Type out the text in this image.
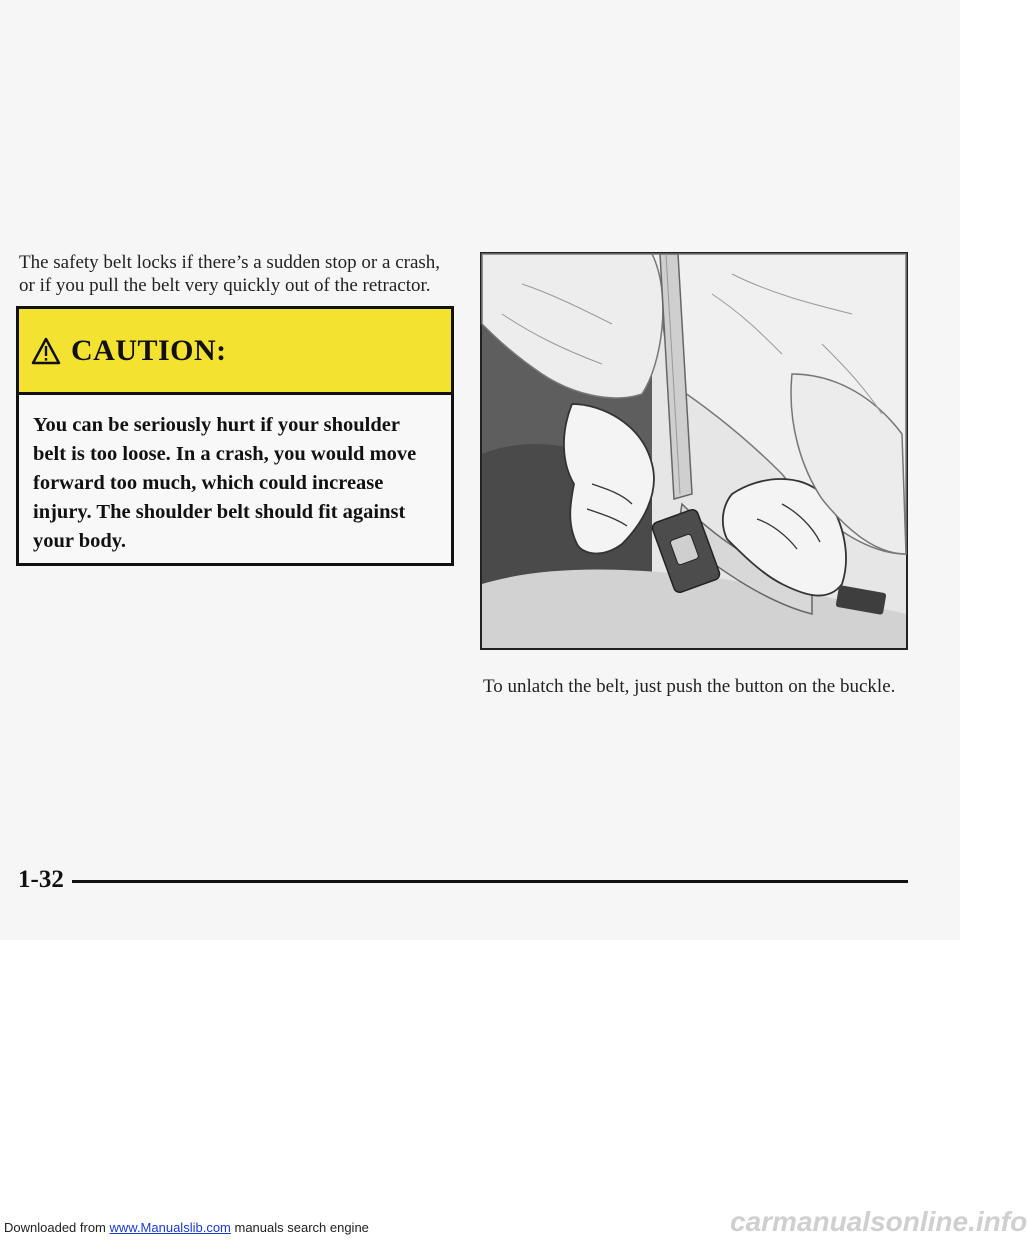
The safety belt locks if there’s a sudden stop or a crash, or if you pull the belt very quickly out of the retractor.

CAUTION:

You can be seriously hurt if your shoulder belt is too loose. In a crash, you would move forward too much, which could increase injury. The shoulder belt should fit against your body.

To unlatch the belt, just push the button on the buckle.

1-32
Downloaded from www.Manualslib.com manuals search engine	carmanualsonline.info
